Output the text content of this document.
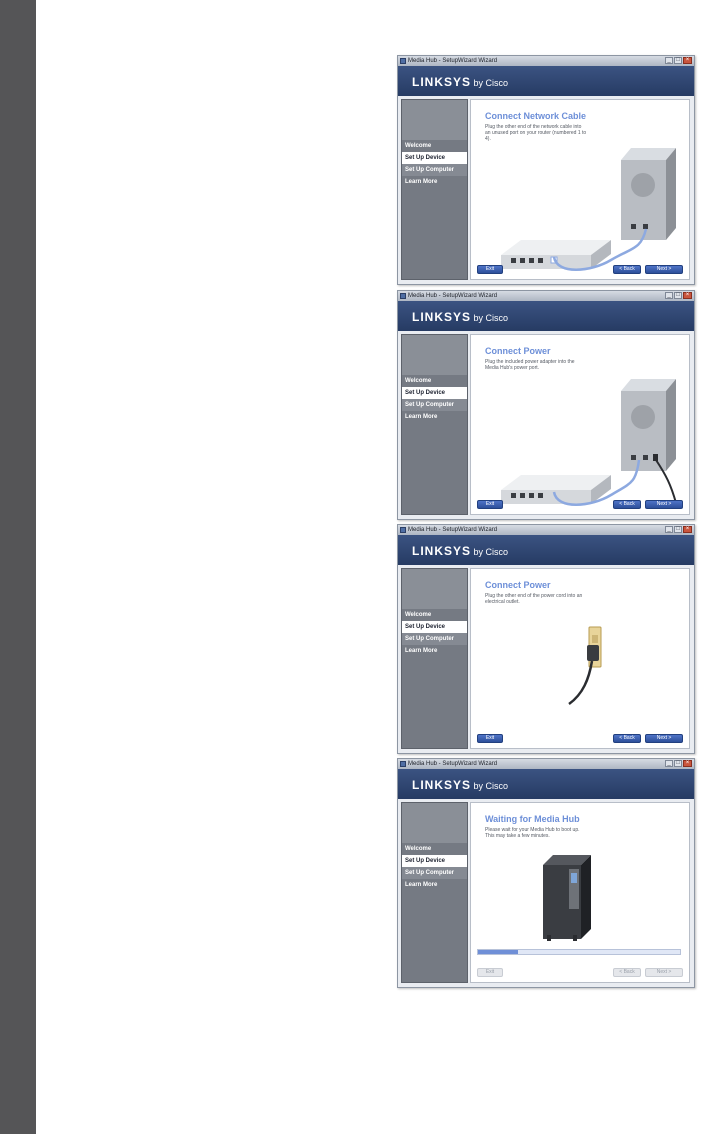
Media Hub - SetupWizard Wizard	_ □ ×
LINKSYS by Cisco
Welcome
Set Up Device
Set Up Computer
Learn More
Connect Network Cable
Plug the other end of the network cable into an unused port on your router (numbered 1 to 4).
Exit	< Back	Next >
Media Hub - SetupWizard Wizard	_ □ ×
LINKSYS by Cisco
Welcome
Set Up Device
Set Up Computer
Learn More
Connect Power
Plug the included power adapter into the Media Hub's power port.
Exit	< Back	Next >
Media Hub - SetupWizard Wizard	_ □ ×
LINKSYS by Cisco
Welcome
Set Up Device
Set Up Computer
Learn More
Connect Power
Plug the other end of the power cord into an electrical outlet.
Exit	< Back	Next >
Media Hub - SetupWizard Wizard	_ □ ×
LINKSYS by Cisco
Welcome
Set Up Device
Set Up Computer
Learn More
Waiting for Media Hub
Please wait for your Media Hub to boot up. This may take a few minutes.
Exit	< Back	Next >
